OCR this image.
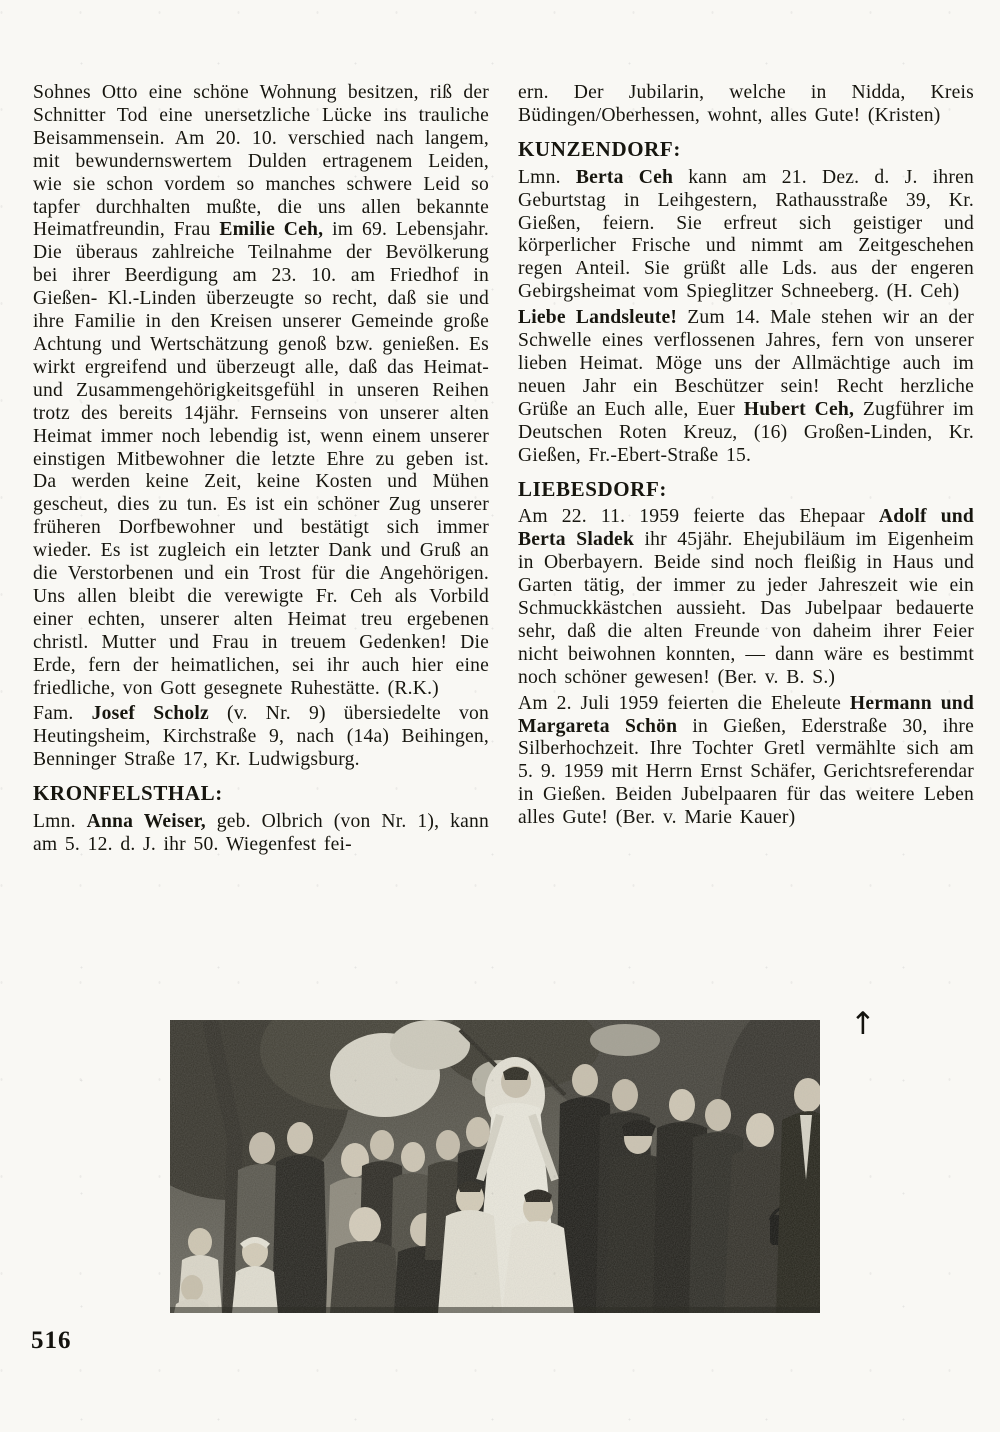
Sohnes Otto eine schöne Wohnung besitzen, riß der Schnitter Tod eine unersetzliche Lücke ins trauliche Beisammensein. Am 20. 10. verschied nach langem, mit bewundernswertem Dulden ertragenem Leiden, wie sie schon vordem so manches schwere Leid so tapfer durchhalten mußte, die uns allen bekannte Heimatfreundin, Frau Emilie Ceh, im 69. Lebensjahr. Die überaus zahlreiche Teilnahme der Bevölkerung bei ihrer Beerdigung am 23. 10. am Friedhof in Gießen- Kl.-Linden überzeugte so recht, daß sie und ihre Familie in den Kreisen unserer Gemeinde große Achtung und Wertschätzung genoß bzw. genießen. Es wirkt ergreifend und überzeugt alle, daß das Heimat- und Zusammengehörigkeitsgefühl in unseren Reihen trotz des bereits 14jähr. Fernseins von unserer alten Heimat immer noch lebendig ist, wenn einem unserer einstigen Mitbewohner die letzte Ehre zu geben ist. Da werden keine Zeit, keine Kosten und Mühen gescheut, dies zu tun. Es ist ein schöner Zug unserer früheren Dorfbewohner und bestätigt sich immer wieder. Es ist zugleich ein letzter Dank und Gruß an die Verstorbenen und ein Trost für die Angehörigen. Uns allen bleibt die verewigte Fr. Ceh als Vorbild einer echten, unserer alten Heimat treu ergebenen christl. Mutter und Frau in treuem Gedenken! Die Erde, fern der heimatlichen, sei ihr auch hier eine friedliche, von Gott gesegnete Ruhestätte. (R.K.)

Fam. Josef Scholz (v. Nr. 9) übersiedelte von Heutingsheim, Kirchstraße 9, nach (14a) Beihingen, Benninger Straße 17, Kr. Ludwigsburg.

KRONFELSTHAL:

Lmn. Anna Weiser, geb. Olbrich (von Nr. 1), kann am 5. 12. d. J. ihr 50. Wiegenfest fei-

ern. Der Jubilarin, welche in Nidda, Kreis Büdingen/Oberhessen, wohnt, alles Gute! (Kristen)

KUNZENDORF:

Lmn. Berta Ceh kann am 21. Dez. d. J. ihren Geburtstag in Leihgestern, Rathausstraße 39, Kr. Gießen, feiern. Sie erfreut sich geistiger und körperlicher Frische und nimmt am Zeitgeschehen regen Anteil. Sie grüßt alle Lds. aus der engeren Gebirgsheimat vom Spieglitzer Schneeberg. (H. Ceh)

Liebe Landsleute! Zum 14. Male stehen wir an der Schwelle eines verflossenen Jahres, fern von unserer lieben Heimat. Möge uns der Allmächtige auch im neuen Jahr ein Beschützer sein! Recht herzliche Grüße an Euch alle, Euer Hubert Ceh, Zugführer im Deutschen Roten Kreuz, (16) Großen-Linden, Kr. Gießen, Fr.-Ebert-Straße 15.

LIEBESDORF:

Am 22. 11. 1959 feierte das Ehepaar Adolf und Berta Sladek ihr 45jähr. Ehejubiläum im Eigenheim in Oberbayern. Beide sind noch fleißig in Haus und Garten tätig, der immer zu jeder Jahreszeit wie ein Schmuckkästchen aussieht. Das Jubelpaar bedauerte sehr, daß die alten Freunde von daheim ihrer Feier nicht beiwohnen konnten, — dann wäre es bestimmt noch schöner gewesen! (Ber. v. B. S.)

Am 2. Juli 1959 feierten die Eheleute Hermann und Margareta Schön in Gießen, Ederstraße 30, ihre Silberhochzeit. Ihre Tochter Gretl vermählte sich am 5. 9. 1959 mit Herrn Ernst Schäfer, Gerichtsreferendar in Gießen. Beiden Jubelpaaren für das weitere Leben alles Gute! (Ber. v. Marie Kauer)

↑
516
